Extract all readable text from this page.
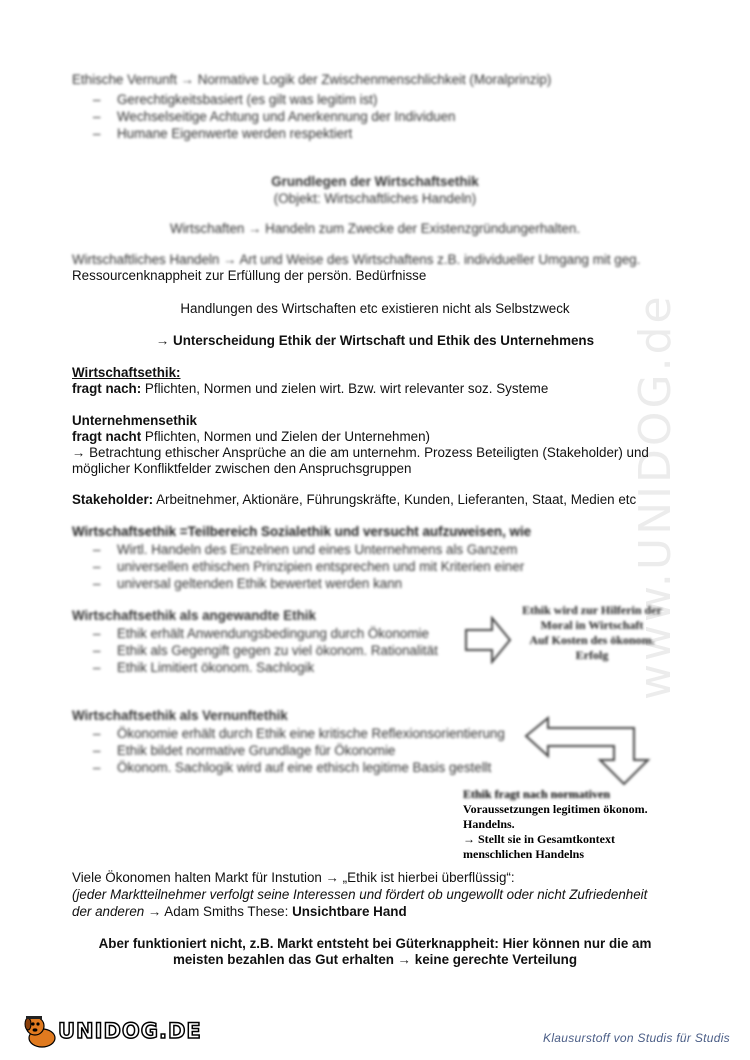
www.UNIDOG.de
Ethische Vernunft → Normative Logik der Zwischenmenschlichkeit (Moralprinzip)
– Gerechtigkeitsbasiert (es gilt was legitim ist)
– Wechselseitige Achtung und Anerkennung der Individuen
– Humane Eigenwerte werden respektiert
Grundlegen der Wirtschaftsethik
(Objekt: Wirtschaftliches Handeln)
Wirtschaften → Handeln zum Zwecke der Existenzgründungerhalten.
Wirtschaftliches Handeln → Art und Weise des Wirtschaftens z.B. individueller Umgang mit geg.
Ressourcenknappheit zur Erfüllung der persön. Bedürfnisse
Handlungen des Wirtschaften etc existieren nicht als Selbstzweck
→ Unterscheidung Ethik der Wirtschaft und Ethik des Unternehmens
Wirtschaftsethik:
fragt nach: Pflichten, Normen und zielen wirt. Bzw. wirt relevanter soz. Systeme
Unternehmensethik
fragt nacht Pflichten, Normen und Zielen der Unternehmen)
→ Betrachtung ethischer Ansprüche an die am unternehm. Prozess Beteiligten (Stakeholder) und
möglicher Konfliktfelder zwischen den Anspruchsgruppen
Stakeholder: Arbeitnehmer, Aktionäre, Führungskräfte, Kunden, Lieferanten, Staat, Medien etc
Wirtschaftsethik =Teilbereich Sozialethik und versucht aufzuweisen, wie
– Wirtl. Handeln des Einzelnen und eines Unternehmens als Ganzem
– universellen ethischen Prinzipien entsprechen und mit Kriterien einer
– universal geltenden Ethik bewertet werden kann
Wirtschaftsethik als angewandte Ethik
– Ethik erhält Anwendungsbedingung durch Ökonomie
– Ethik als Gegengift gegen zu viel ökonom. Rationalität
– Ethik Limitiert ökonom. Sachlogik
Ethik wird zur Hilferin der
Moral in Wirtschaft
Auf Kosten des ökonom.
Erfolg
Wirtschaftsethik als Vernunftethik
– Ökonomie erhält durch Ethik eine kritische Reflexionsorientierung
– Ethik bildet normative Grundlage für Ökonomie
– Ökonom. Sachlogik wird auf eine ethisch legitime Basis gestellt
Ethik fragt nach normativen
Voraussetzungen legitimen ökonom.
Handelns.
→ Stellt sie in Gesamtkontext
menschlichen Handelns
Viele Ökonomen halten Markt für Instution → „Ethik ist hierbei überflüssig“:
(jeder Marktteilnehmer verfolgt seine Interessen und fördert ob ungewollt oder nicht Zufriedenheit
der anderen → Adam Smiths These: Unsichtbare Hand
Aber funktioniert nicht, z.B. Markt entsteht bei Güterknappheit: Hier können nur die am
meisten bezahlen das Gut erhalten → keine gerechte Verteilung
UNIDOG.DE	Klausurstoff von Studis für Studis
